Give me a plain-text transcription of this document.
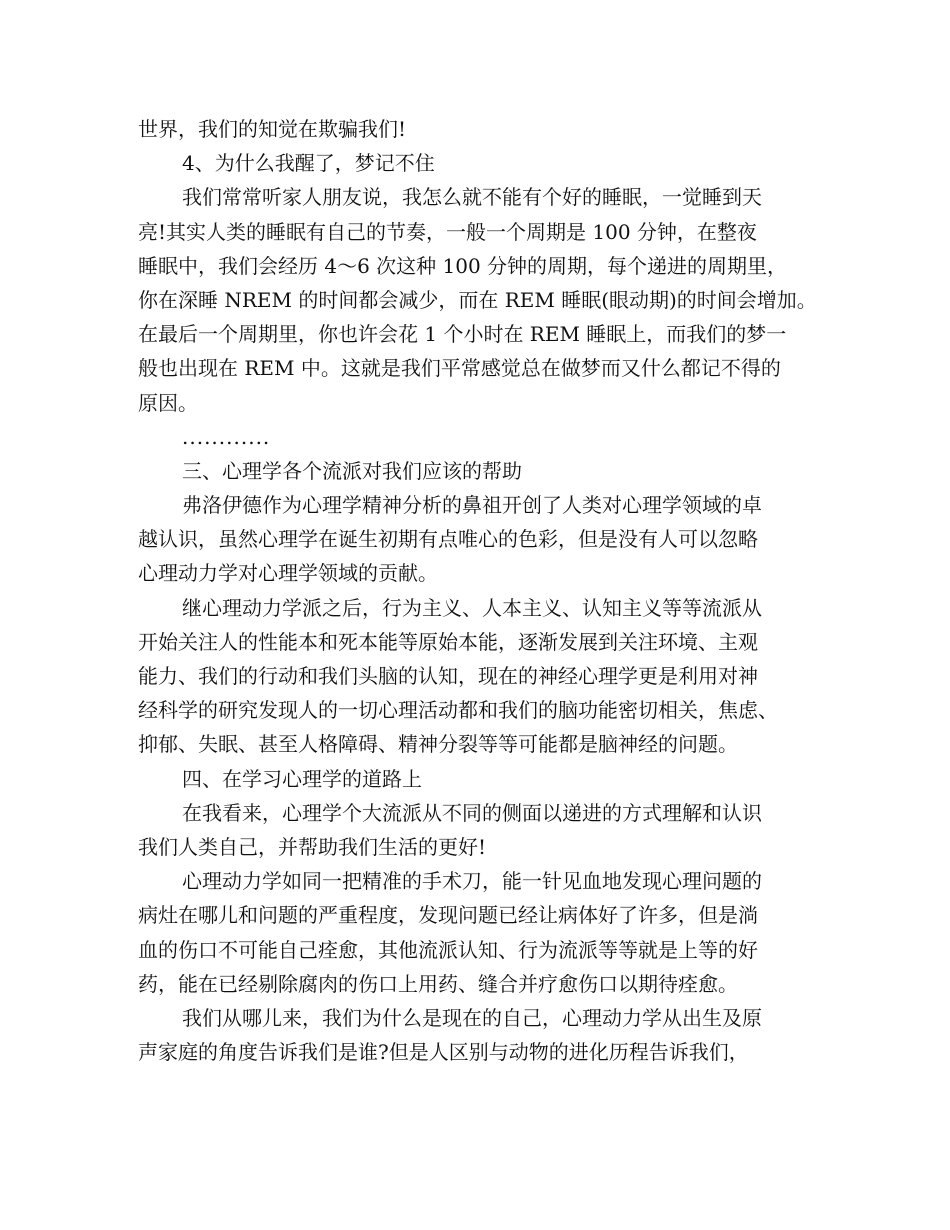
世界，我们的知觉在欺骗我们!
4、为什么我醒了，梦记不住
我们常常听家人朋友说，我怎么就不能有个好的睡眠，一觉睡到天
亮!其实人类的睡眠有自己的节奏，一般一个周期是 100 分钟，在整夜
睡眠中，我们会经历 4～6 次这种 100 分钟的周期，每个递进的周期里，
你在深睡 NREM 的时间都会减少，而在 REM 睡眠(眼动期)的时间会增加。
在最后一个周期里，你也许会花 1 个小时在 REM 睡眠上，而我们的梦一
般也出现在 REM 中。这就是我们平常感觉总在做梦而又什么都记不得的
原因。
............
三、心理学各个流派对我们应该的帮助
弗洛伊德作为心理学精神分析的鼻祖开创了人类对心理学领域的卓
越认识，虽然心理学在诞生初期有点唯心的色彩，但是没有人可以忽略
心理动力学对心理学领域的贡献。
继心理动力学派之后，行为主义、人本主义、认知主义等等流派从
开始关注人的性能本和死本能等原始本能，逐渐发展到关注环境、主观
能力、我们的行动和我们头脑的认知，现在的神经心理学更是利用对神
经科学的研究发现人的一切心理活动都和我们的脑功能密切相关，焦虑、
抑郁、失眠、甚至人格障碍、精神分裂等等可能都是脑神经的问题。
四、在学习心理学的道路上
在我看来，心理学个大流派从不同的侧面以递进的方式理解和认识
我们人类自己，并帮助我们生活的更好!
心理动力学如同一把精准的手术刀，能一针见血地发现心理问题的
病灶在哪儿和问题的严重程度，发现问题已经让病体好了许多，但是淌
血的伤口不可能自己痊愈，其他流派认知、行为流派等等就是上等的好
药，能在已经剔除腐肉的伤口上用药、缝合并疗愈伤口以期待痊愈。
我们从哪儿来，我们为什么是现在的自己，心理动力学从出生及原
声家庭的角度告诉我们是谁?但是人区别与动物的进化历程告诉我们，
